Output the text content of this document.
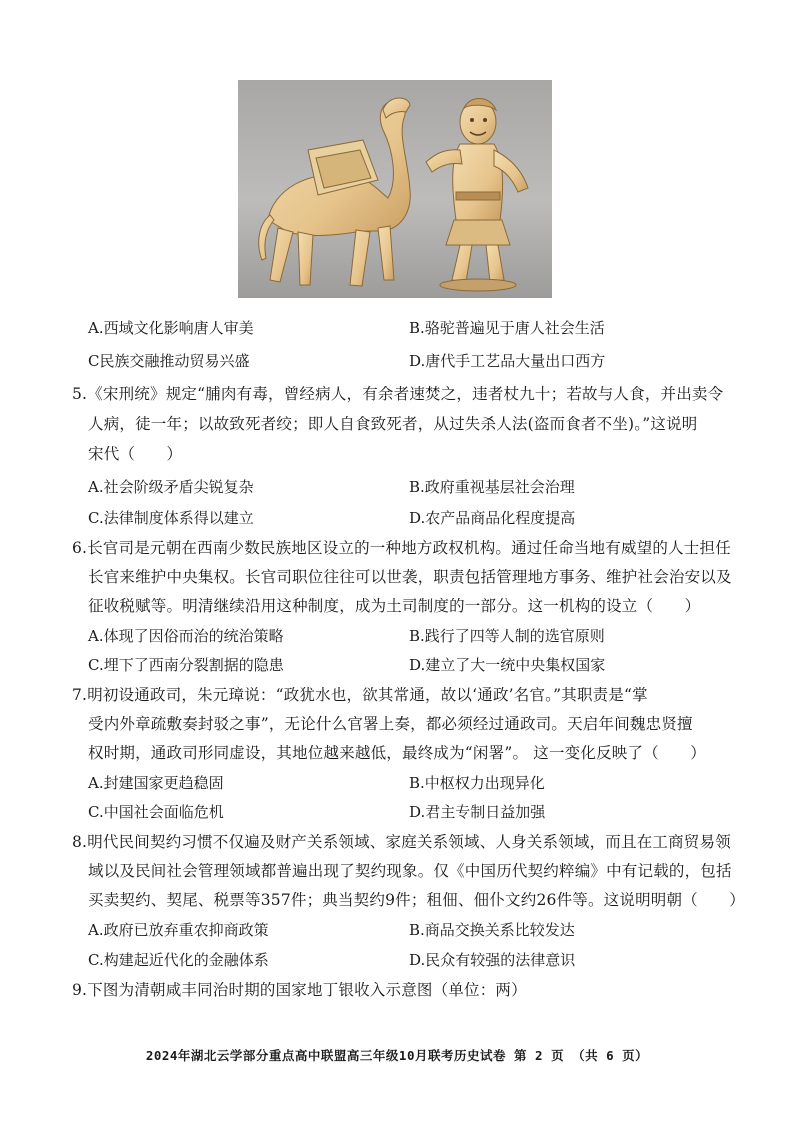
A.西域文化影响唐人审美	B.骆驼普遍见于唐人社会生活
C民族交融推动贸易兴盛	D.唐代手工艺品大量出口西方
5.《宋刑统》规定“脯肉有毒，曾经病人，有余者速焚之，违者杖九十；若故与人食，并出卖令
人病，徒一年；以故致死者绞；即人自食致死者，从过失杀人法(盗而食者不坐)。”这说明
宋代（　　）
A.社会阶级矛盾尖锐复杂	B.政府重视基层社会治理
C.法律制度体系得以建立	D.农产品商品化程度提高
6.长官司是元朝在西南少数民族地区设立的一种地方政权机构。通过任命当地有威望的人士担任
长官来维护中央集权。长官司职位往往可以世袭，职责包括管理地方事务、维护社会治安以及
征收税赋等。明清继续沿用这种制度，成为土司制度的一部分。这一机构的设立（　　）
A.体现了因俗而治的统治策略	B.践行了四等人制的选官原则
C.埋下了西南分裂割据的隐患	D.建立了大一统中央集权国家
7.明初设通政司，朱元璋说：“政犹水也，欲其常通，故以‘通政’名官。”其职责是“掌
受内外章疏敷奏封驳之事”，无论什么官署上奏，都必须经过通政司。天启年间魏忠贤擅
权时期，通政司形同虚设，其地位越来越低，最终成为“闲署”。 这一变化反映了（　　）
A.封建国家更趋稳固	B.中枢权力出现异化
C.中国社会面临危机	D.君主专制日益加强
8.明代民间契约习惯不仅遍及财产关系领域、家庭关系领域、人身关系领域，而且在工商贸易领
域以及民间社会管理领域都普遍出现了契约现象。仅《中国历代契约粹编》中有记载的，包括
买卖契约、契尾、税票等357件；典当契约9件；租佃、佃仆文约26件等。这说明明朝（　　）
A.政府已放弃重农抑商政策	B.商品交换关系比较发达
C.构建起近代化的金融体系	D.民众有较强的法律意识
9.下图为清朝咸丰同治时期的国家地丁银收入示意图（单位：两）
2024年湖北云学部分重点高中联盟高三年级10月联考历史试卷 第 2 页 （共 6 页）
